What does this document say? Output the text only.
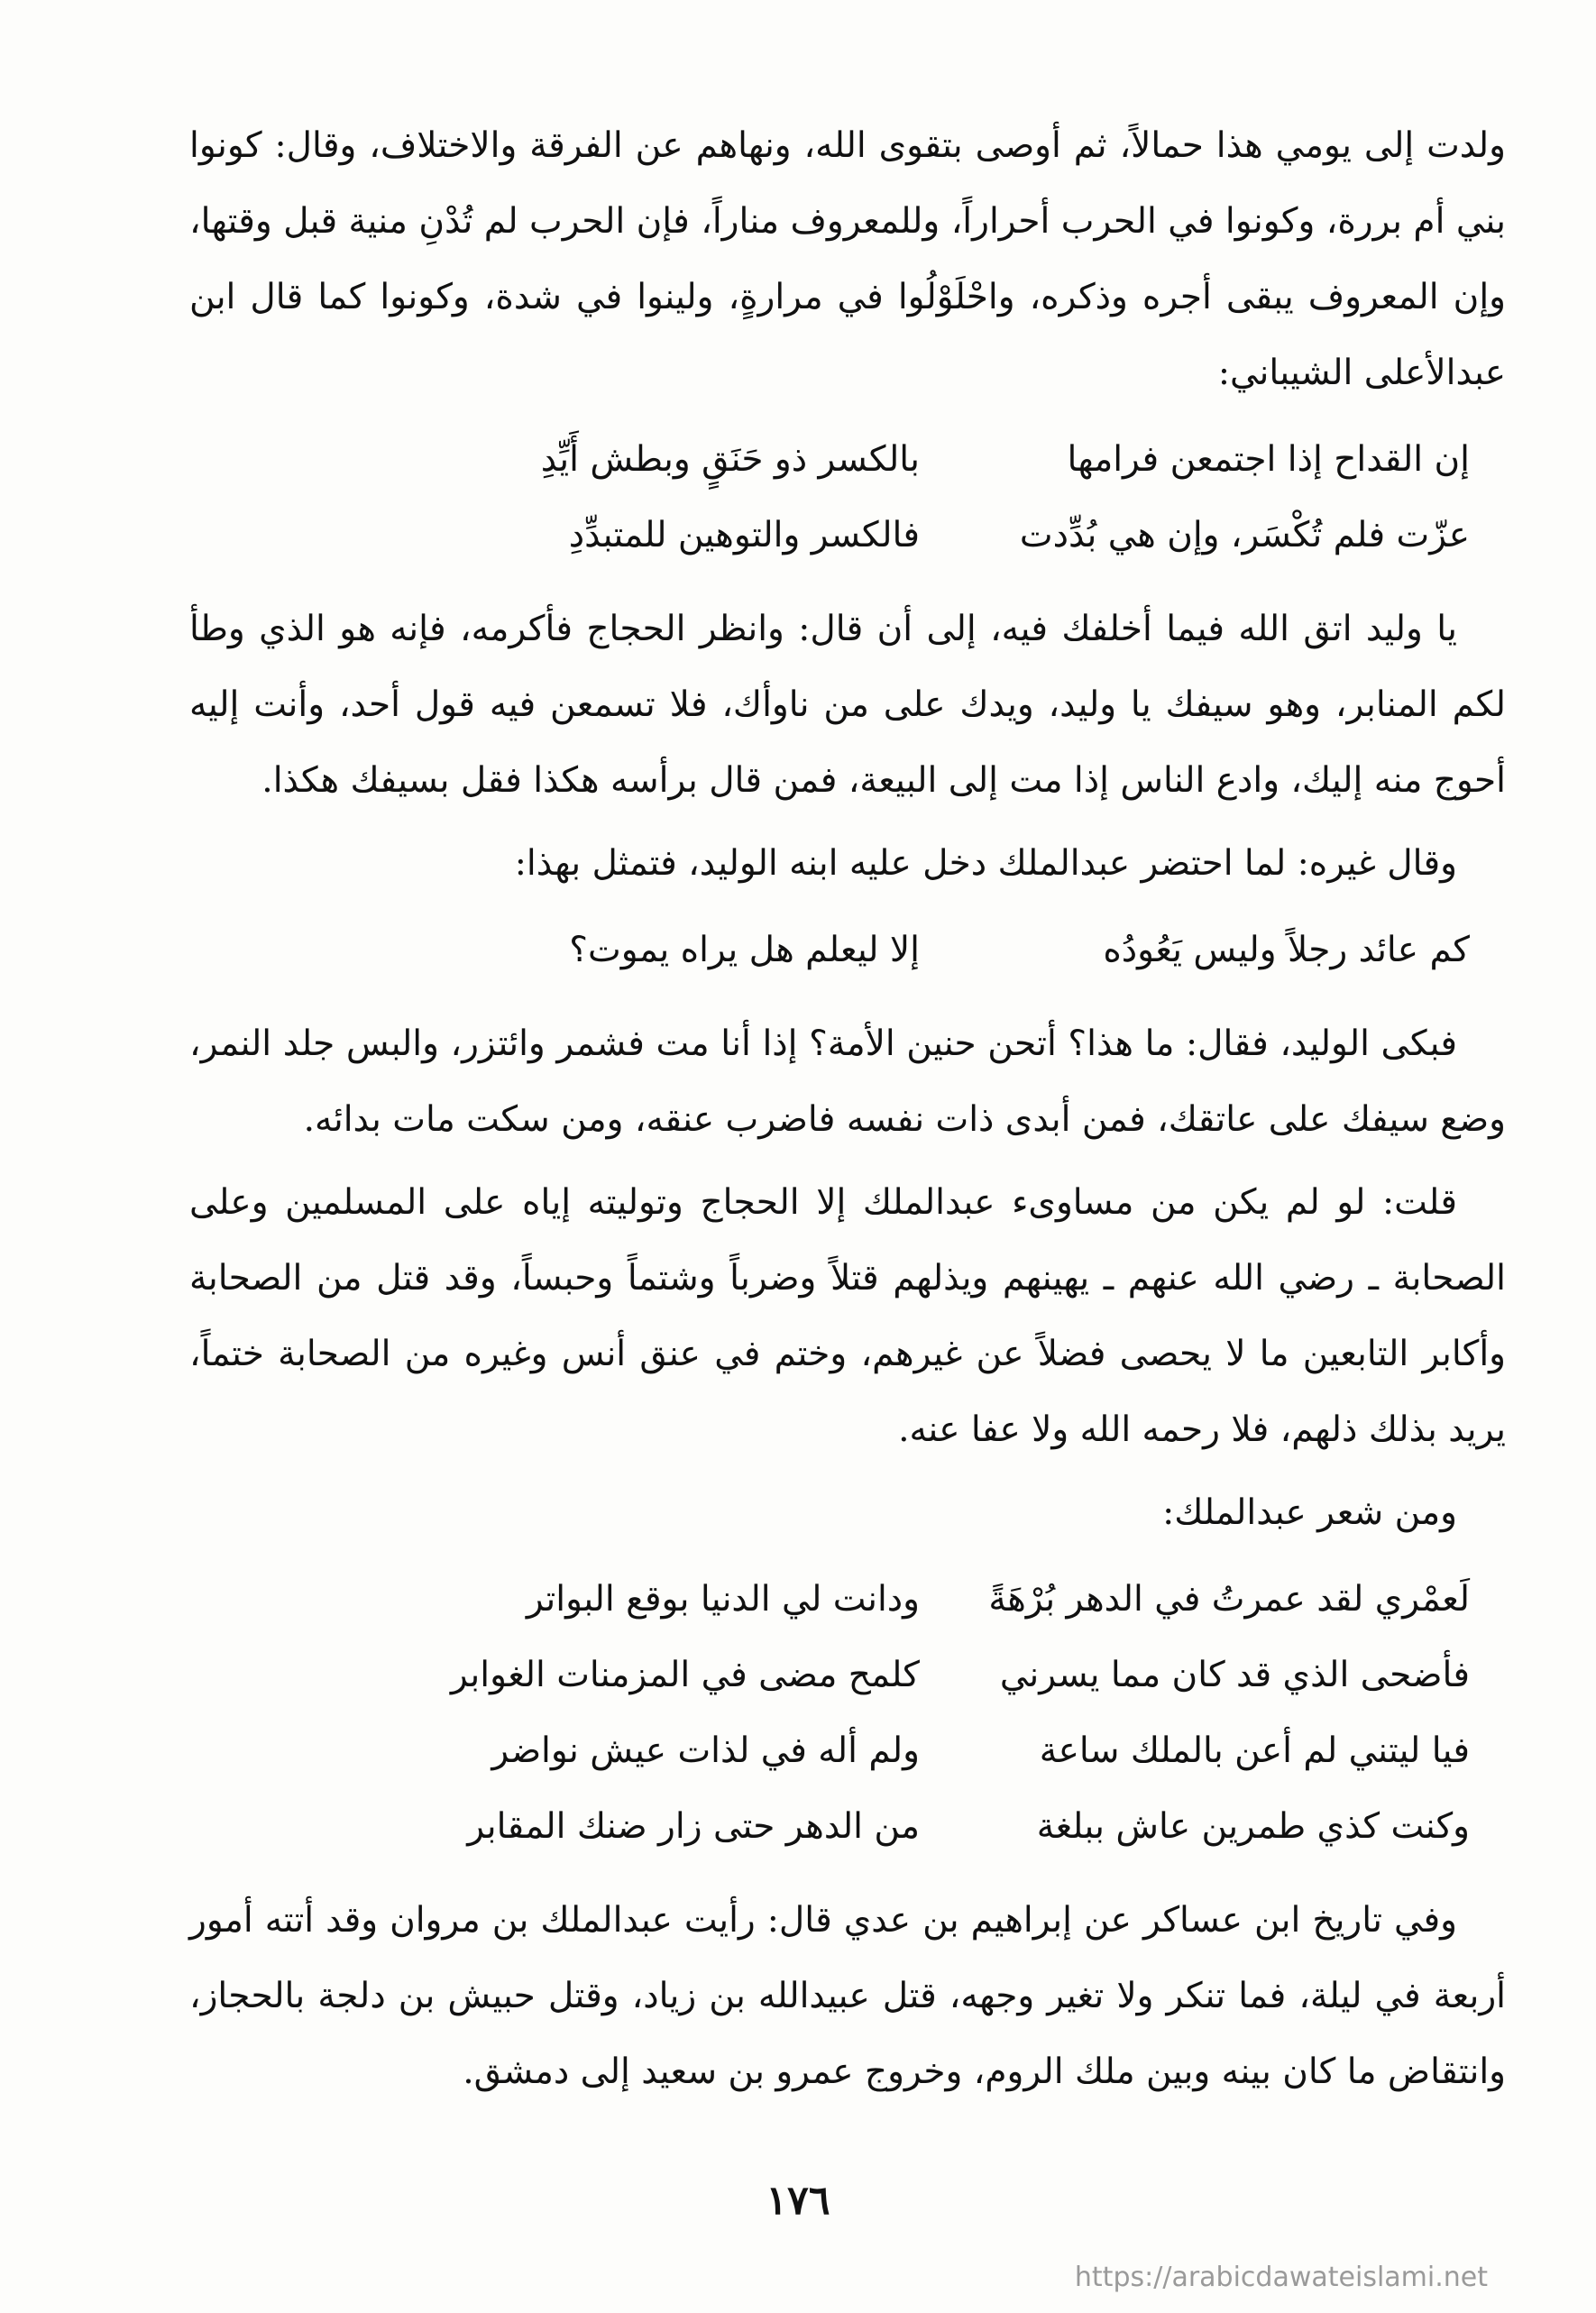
ولدت إلى يومي هذا حمالاً، ثم أوصى بتقوى الله، ونهاهم عن الفرقة والاختلاف، وقال: كونوا بني أم بررة، وكونوا في الحرب أحراراً، وللمعروف مناراً، فإن الحرب لم تُدْنِ منية قبل وقتها، وإن المعروف يبقى أجره وذكره، واحْلَوْلُوا في مرارةٍ، ولينوا في شدة، وكونوا كما قال ابن عبدالأعلى الشيباني:

إن القداح إذا اجتمعن فرامها
بالكسر ذو حَنَقٍ وبطش أَيِّدِ
عزّت فلم تُكْسَر، وإن هي بُدِّدت
فالكسر والتوهين للمتبدِّدِ

يا وليد اتق الله فيما أخلفك فيه، إلى أن قال: وانظر الحجاج فأكرمه، فإنه هو الذي وطأ لكم المنابر، وهو سيفك يا وليد، ويدك على من ناوأك، فلا تسمعن فيه قول أحد، وأنت إليه أحوج منه إليك، وادع الناس إذا مت إلى البيعة، فمن قال برأسه هكذا فقل بسيفك هكذا.

وقال غيره: لما احتضر عبدالملك دخل عليه ابنه الوليد، فتمثل بهذا:

كم عائد رجلاً وليس يَعُودُه
إلا ليعلم هل يراه يموت؟

فبكى الوليد، فقال: ما هذا؟ أتحن حنين الأمة؟ إذا أنا مت فشمر وائتزر، والبس جلد النمر، وضع سيفك على عاتقك، فمن أبدى ذات نفسه فاضرب عنقه، ومن سكت مات بدائه.

قلت: لو لم يكن من مساوىء عبدالملك إلا الحجاج وتوليته إياه على المسلمين وعلى الصحابة ـ رضي الله عنهم ـ يهينهم ويذلهم قتلاً وضرباً وشتماً وحبساً، وقد قتل من الصحابة وأكابر التابعين ما لا يحصى فضلاً عن غيرهم، وختم في عنق أنس وغيره من الصحابة ختماً، يريد بذلك ذلهم، فلا رحمه الله ولا عفا عنه.

ومن شعر عبدالملك:

لَعمْري لقد عمرتُ في الدهر بُرْهَةً
ودانت لي الدنيا بوقع البواتر
فأضحى الذي قد كان مما يسرني
كلمح مضى في المزمنات الغوابر
فيا ليتني لم أعن بالملك ساعة
ولم أله في لذات عيش نواضر
وكنت كذي طمرين عاش ببلغة
من الدهر حتى زار ضنك المقابر

وفي تاريخ ابن عساكر عن إبراهيم بن عدي قال: رأيت عبدالملك بن مروان وقد أتته أمور أربعة في ليلة، فما تنكر ولا تغير وجهه، قتل عبيدالله بن زياد، وقتل حبيش بن دلجة بالحجاز، وانتقاض ما كان بينه وبين ملك الروم، وخروج عمرو بن سعيد إلى دمشق.

١٧٦
https://arabicdawateislami.net
